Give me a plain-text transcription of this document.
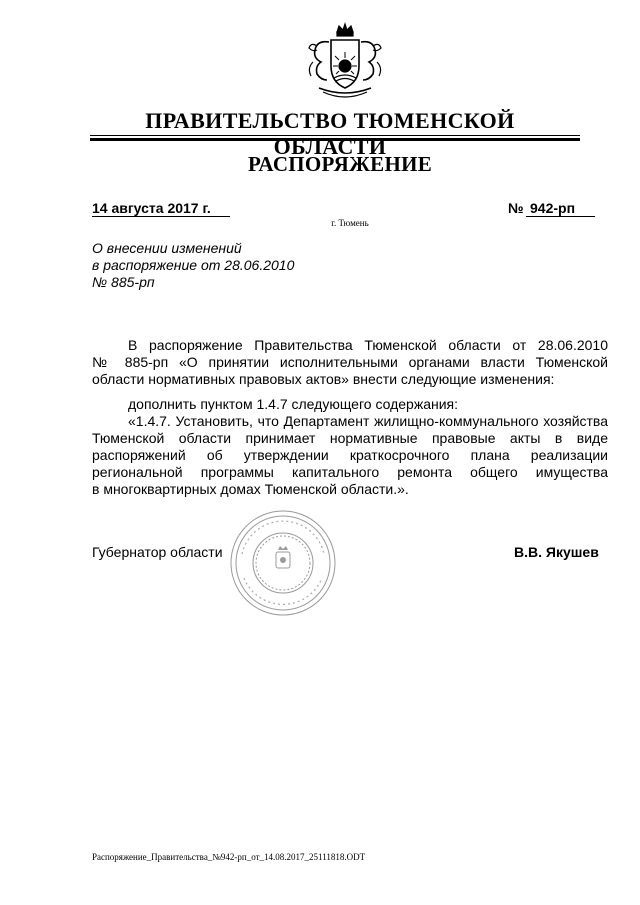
ПРАВИТЕЛЬСТВО ТЮМЕНСКОЙ ОБЛАСТИ
РАСПОРЯЖЕНИЕ
14 августа 2017 г.	№ 942-рп
г. Тюмень
О внесении изменений
в распоряжение от 28.06.2010
№ 885-рп
В распоряжение Правительства Тюменской области от 28.06.2010
№ 885-рп «О принятии исполнительными органами власти Тюменской
области нормативных правовых актов» внести следующие изменения:
дополнить пунктом 1.4.7 следующего содержания:
«1.4.7. Установить, что Департамент жилищно-коммунального хозяйства
Тюменской области принимает нормативные правовые акты в виде
распоряжений об утверждении краткосрочного плана реализации
региональной программы капитального ремонта общего имущества
в многоквартирных домах Тюменской области.».
Губернатор области	В.В. Якушев
Распоряжение_Правительства_№942-рп_от_14.08.2017_25111818.ODT
